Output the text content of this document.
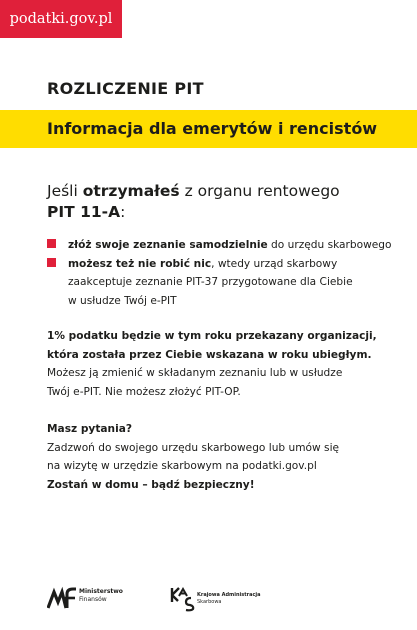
podatki.gov.pl
ROZLICZENIE PIT
Informacja dla emerytów i rencistów
Jeśli otrzymałeś z organu rentowego
PIT 11-A:
złóż swoje zeznanie samodzielnie do urzędu skarbowego
możesz też nie robić nic, wtedy urząd skarbowy
zaakceptuje zeznanie PIT-37 przygotowane dla Ciebie
w usłudze Twój e-PIT
1% podatku będzie w tym roku przekazany organizacji,
która została przez Ciebie wskazana w roku ubiegłym.
Możesz ją zmienić w składanym zeznaniu lub w usłudze
Twój e-PIT. Nie możesz złożyć PIT-OP.
Masz pytania?
Zadzwoń do swojego urzędu skarbowego lub umów się
na wizytę w urzędzie skarbowym na podatki.gov.pl
Zostań w domu – bądź bezpieczny!
Ministerstwo
Finansów
Krajowa Administracja
Skarbowa
